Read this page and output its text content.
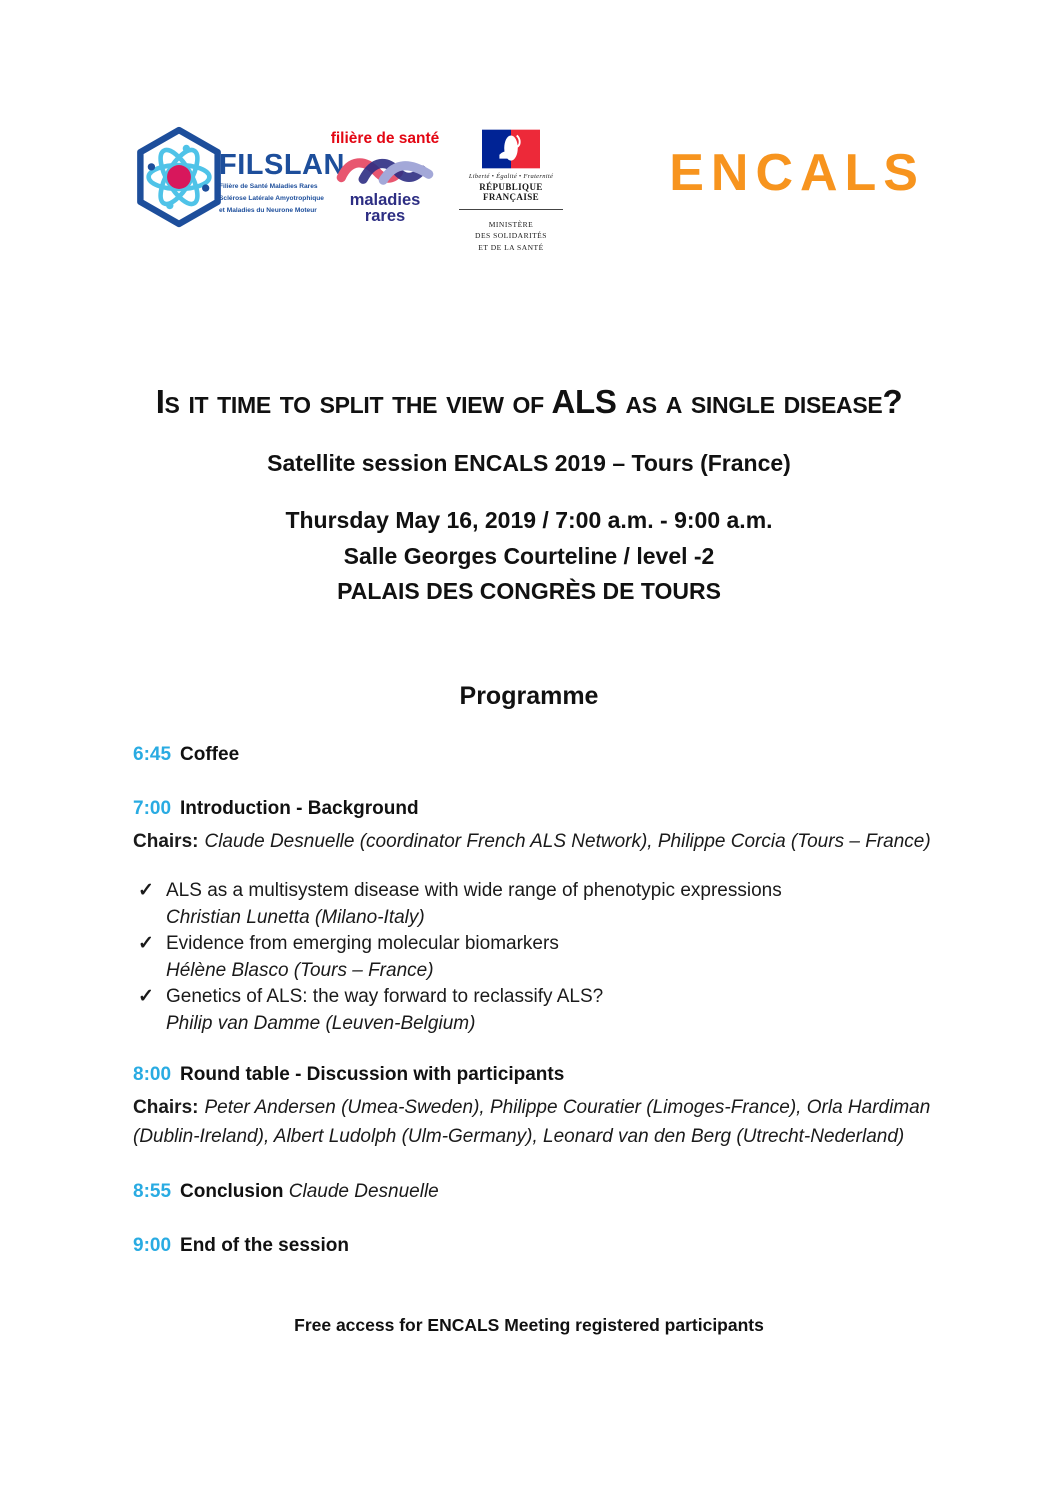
FILSLAN
Filière de Santé Maladies Rares
Sclérose Latérale Amyotrophique
et Maladies du Neurone Moteur
filière de santé
maladies rares
Liberté • Égalité • Fraternité
RÉPUBLIQUE FRANÇAISE
MINISTÈRE
DES SOLIDARITÉS
ET DE LA SANTÉ
ENCALS
Is it time to split the view of ALS as a single disease?
Satellite session ENCALS 2019 – Tours (France)
Thursday May 16, 2019 / 7:00 a.m. - 9:00 a.m.
Salle Georges Courteline / level -2
PALAIS DES CONGRÈS DE TOURS
Programme
6:45 Coffee
7:00 Introduction - Background
Chairs: Claude Desnuelle (coordinator French ALS Network), Philippe Corcia (Tours – France)
✓ ALS as a multisystem disease with wide range of phenotypic expressions
Christian Lunetta (Milano-Italy)
✓ Evidence from emerging molecular biomarkers
Hélène Blasco (Tours – France)
✓ Genetics of ALS: the way forward to reclassify ALS?
Philip van Damme (Leuven-Belgium)
8:00 Round table - Discussion with participants
Chairs: Peter Andersen (Umea-Sweden), Philippe Couratier (Limoges-France), Orla Hardiman (Dublin-Ireland), Albert Ludolph (Ulm-Germany), Leonard van den Berg (Utrecht-Nederland)
8:55 Conclusion Claude Desnuelle
9:00 End of the session
Free access for ENCALS Meeting registered participants
